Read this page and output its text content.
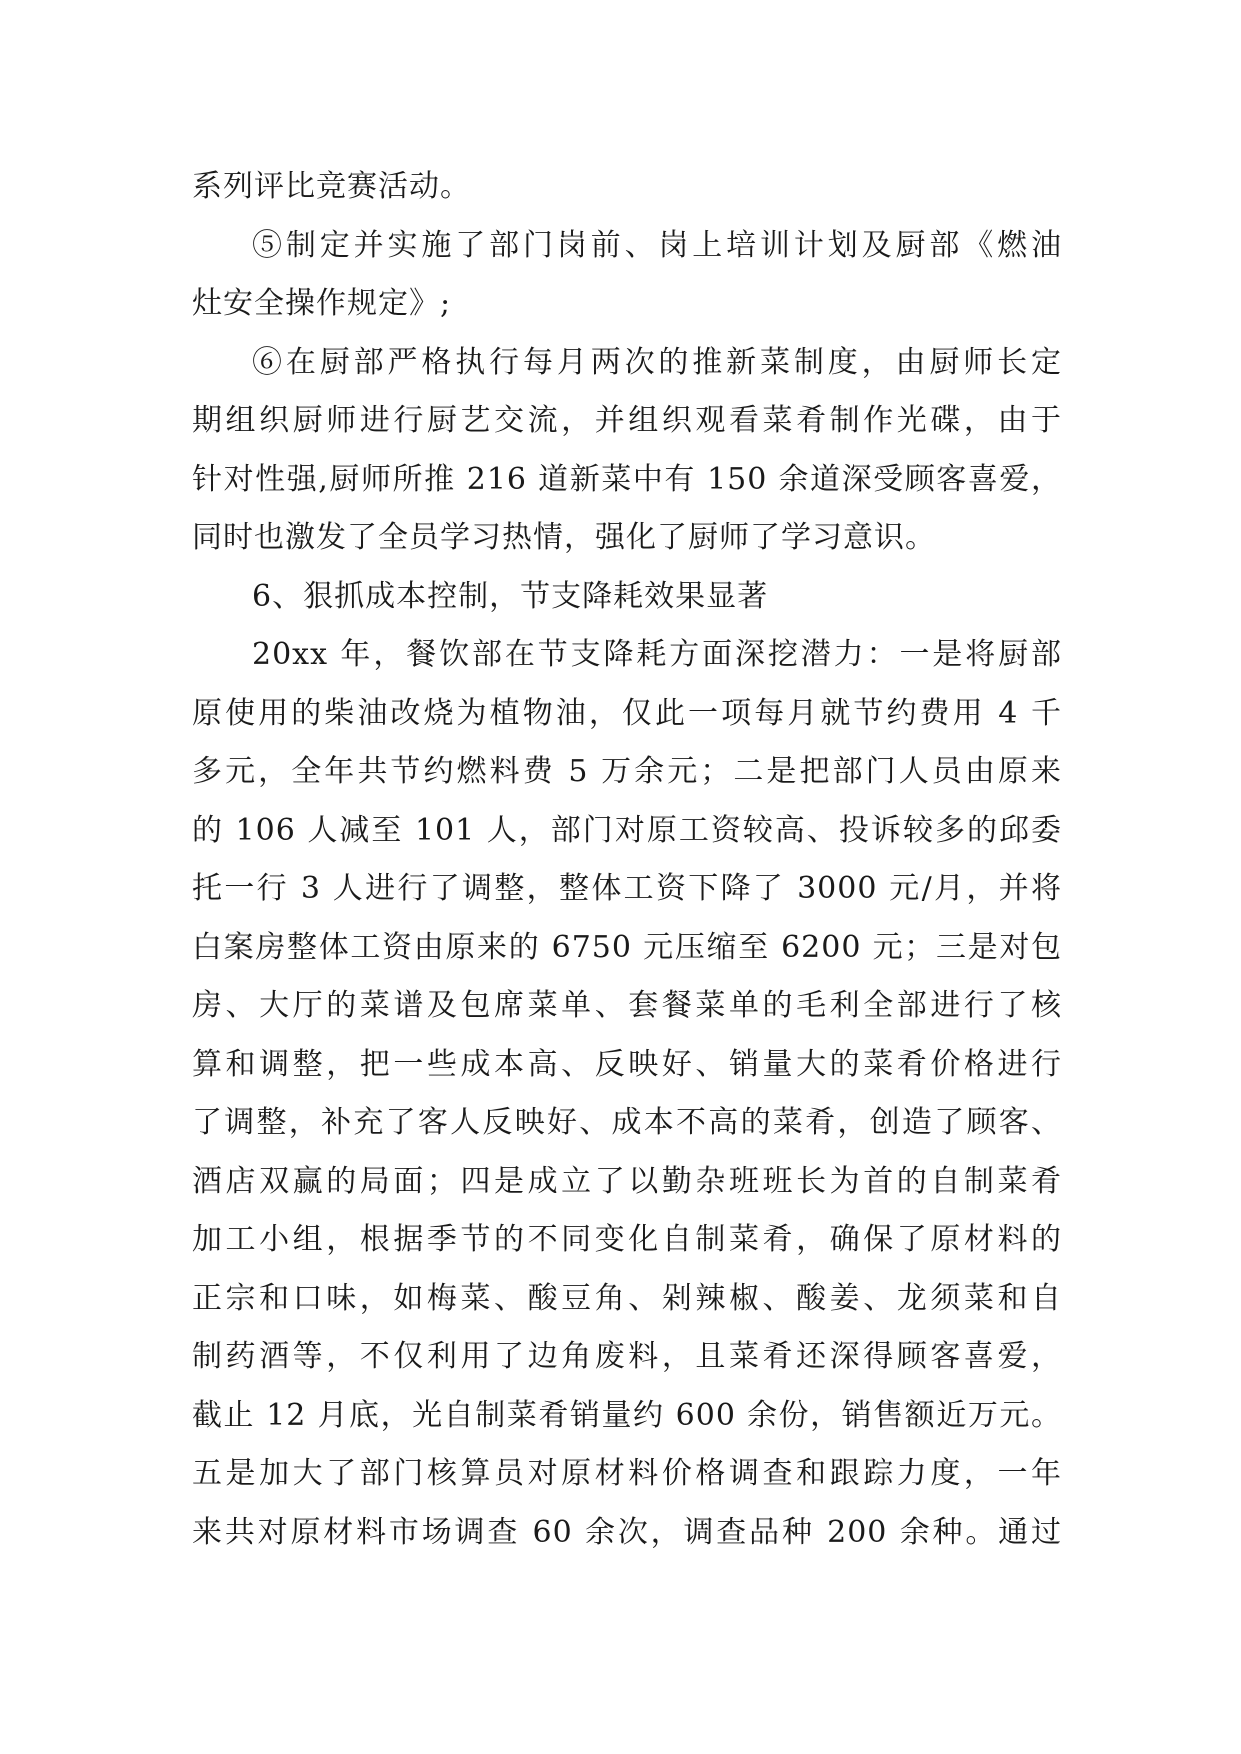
系列评比竞赛活动。
⑤制定并实施了部门岗前、岗上培训计划及厨部《燃油
灶安全操作规定》;
⑥在厨部严格执行每月两次的推新菜制度，由厨师长定
期组织厨师进行厨艺交流，并组织观看菜肴制作光碟，由于
针对性强,厨师所推 216 道新菜中有 150 余道深受顾客喜爱，
同时也激发了全员学习热情，强化了厨师了学习意识。
6、狠抓成本控制，节支降耗效果显著
20xx 年，餐饮部在节支降耗方面深挖潜力：一是将厨部
原使用的柴油改烧为植物油，仅此一项每月就节约费用 4 千
多元，全年共节约燃料费 5 万余元；二是把部门人员由原来
的 106 人减至 101 人，部门对原工资较高、投诉较多的邱委
托一行 3 人进行了调整，整体工资下降了 3000 元/月，并将
白案房整体工资由原来的 6750 元压缩至 6200 元；三是对包
房、大厅的菜谱及包席菜单、套餐菜单的毛利全部进行了核
算和调整，把一些成本高、反映好、销量大的菜肴价格进行
了调整，补充了客人反映好、成本不高的菜肴，创造了顾客、
酒店双赢的局面；四是成立了以勤杂班班长为首的自制菜肴
加工小组，根据季节的不同变化自制菜肴，确保了原材料的
正宗和口味，如梅菜、酸豆角、剁辣椒、酸姜、龙须菜和自
制药酒等，不仅利用了边角废料，且菜肴还深得顾客喜爱，
截止 12 月底，光自制菜肴销量约 600 余份，销售额近万元。
五是加大了部门核算员对原材料价格调查和跟踪力度，一年
来共对原材料市场调查 60 余次，调查品种 200 余种。通过
